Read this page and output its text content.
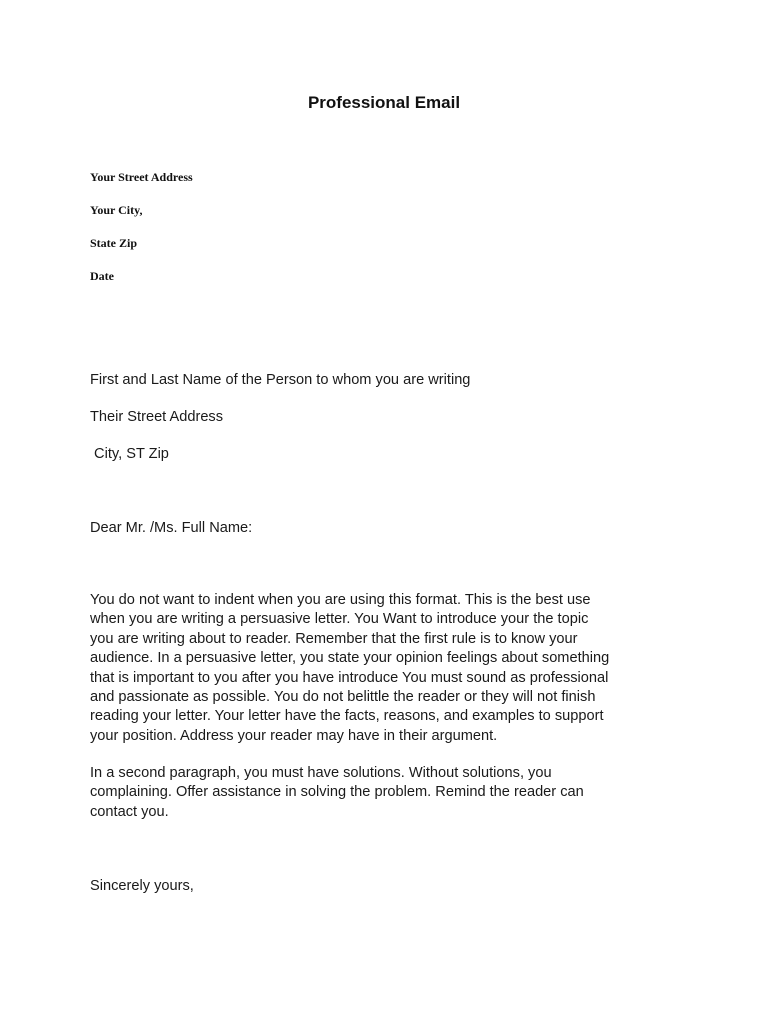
Professional Email
Your Street Address
Your City,
State Zip
Date
First and Last Name of the Person to whom you are writing
Their Street Address
City, ST Zip
Dear Mr. /Ms. Full Name:
You do not want to indent when you are using this format. This is the best use
when you are writing a persuasive letter. You Want to introduce your the topic
you are writing about to reader. Remember that the first rule is to know your
audience. In a persuasive letter, you state your opinion feelings about something
that is important to you after you have introduce You must sound as professional
and passionate as possible. You do not belittle the reader or they will not finish
reading your letter. Your letter have the facts, reasons, and examples to support
your position. Address your reader may have in their argument.
In a second paragraph, you must have solutions. Without solutions, you
complaining. Offer assistance in solving the problem. Remind the reader can
contact you.
Sincerely yours,
